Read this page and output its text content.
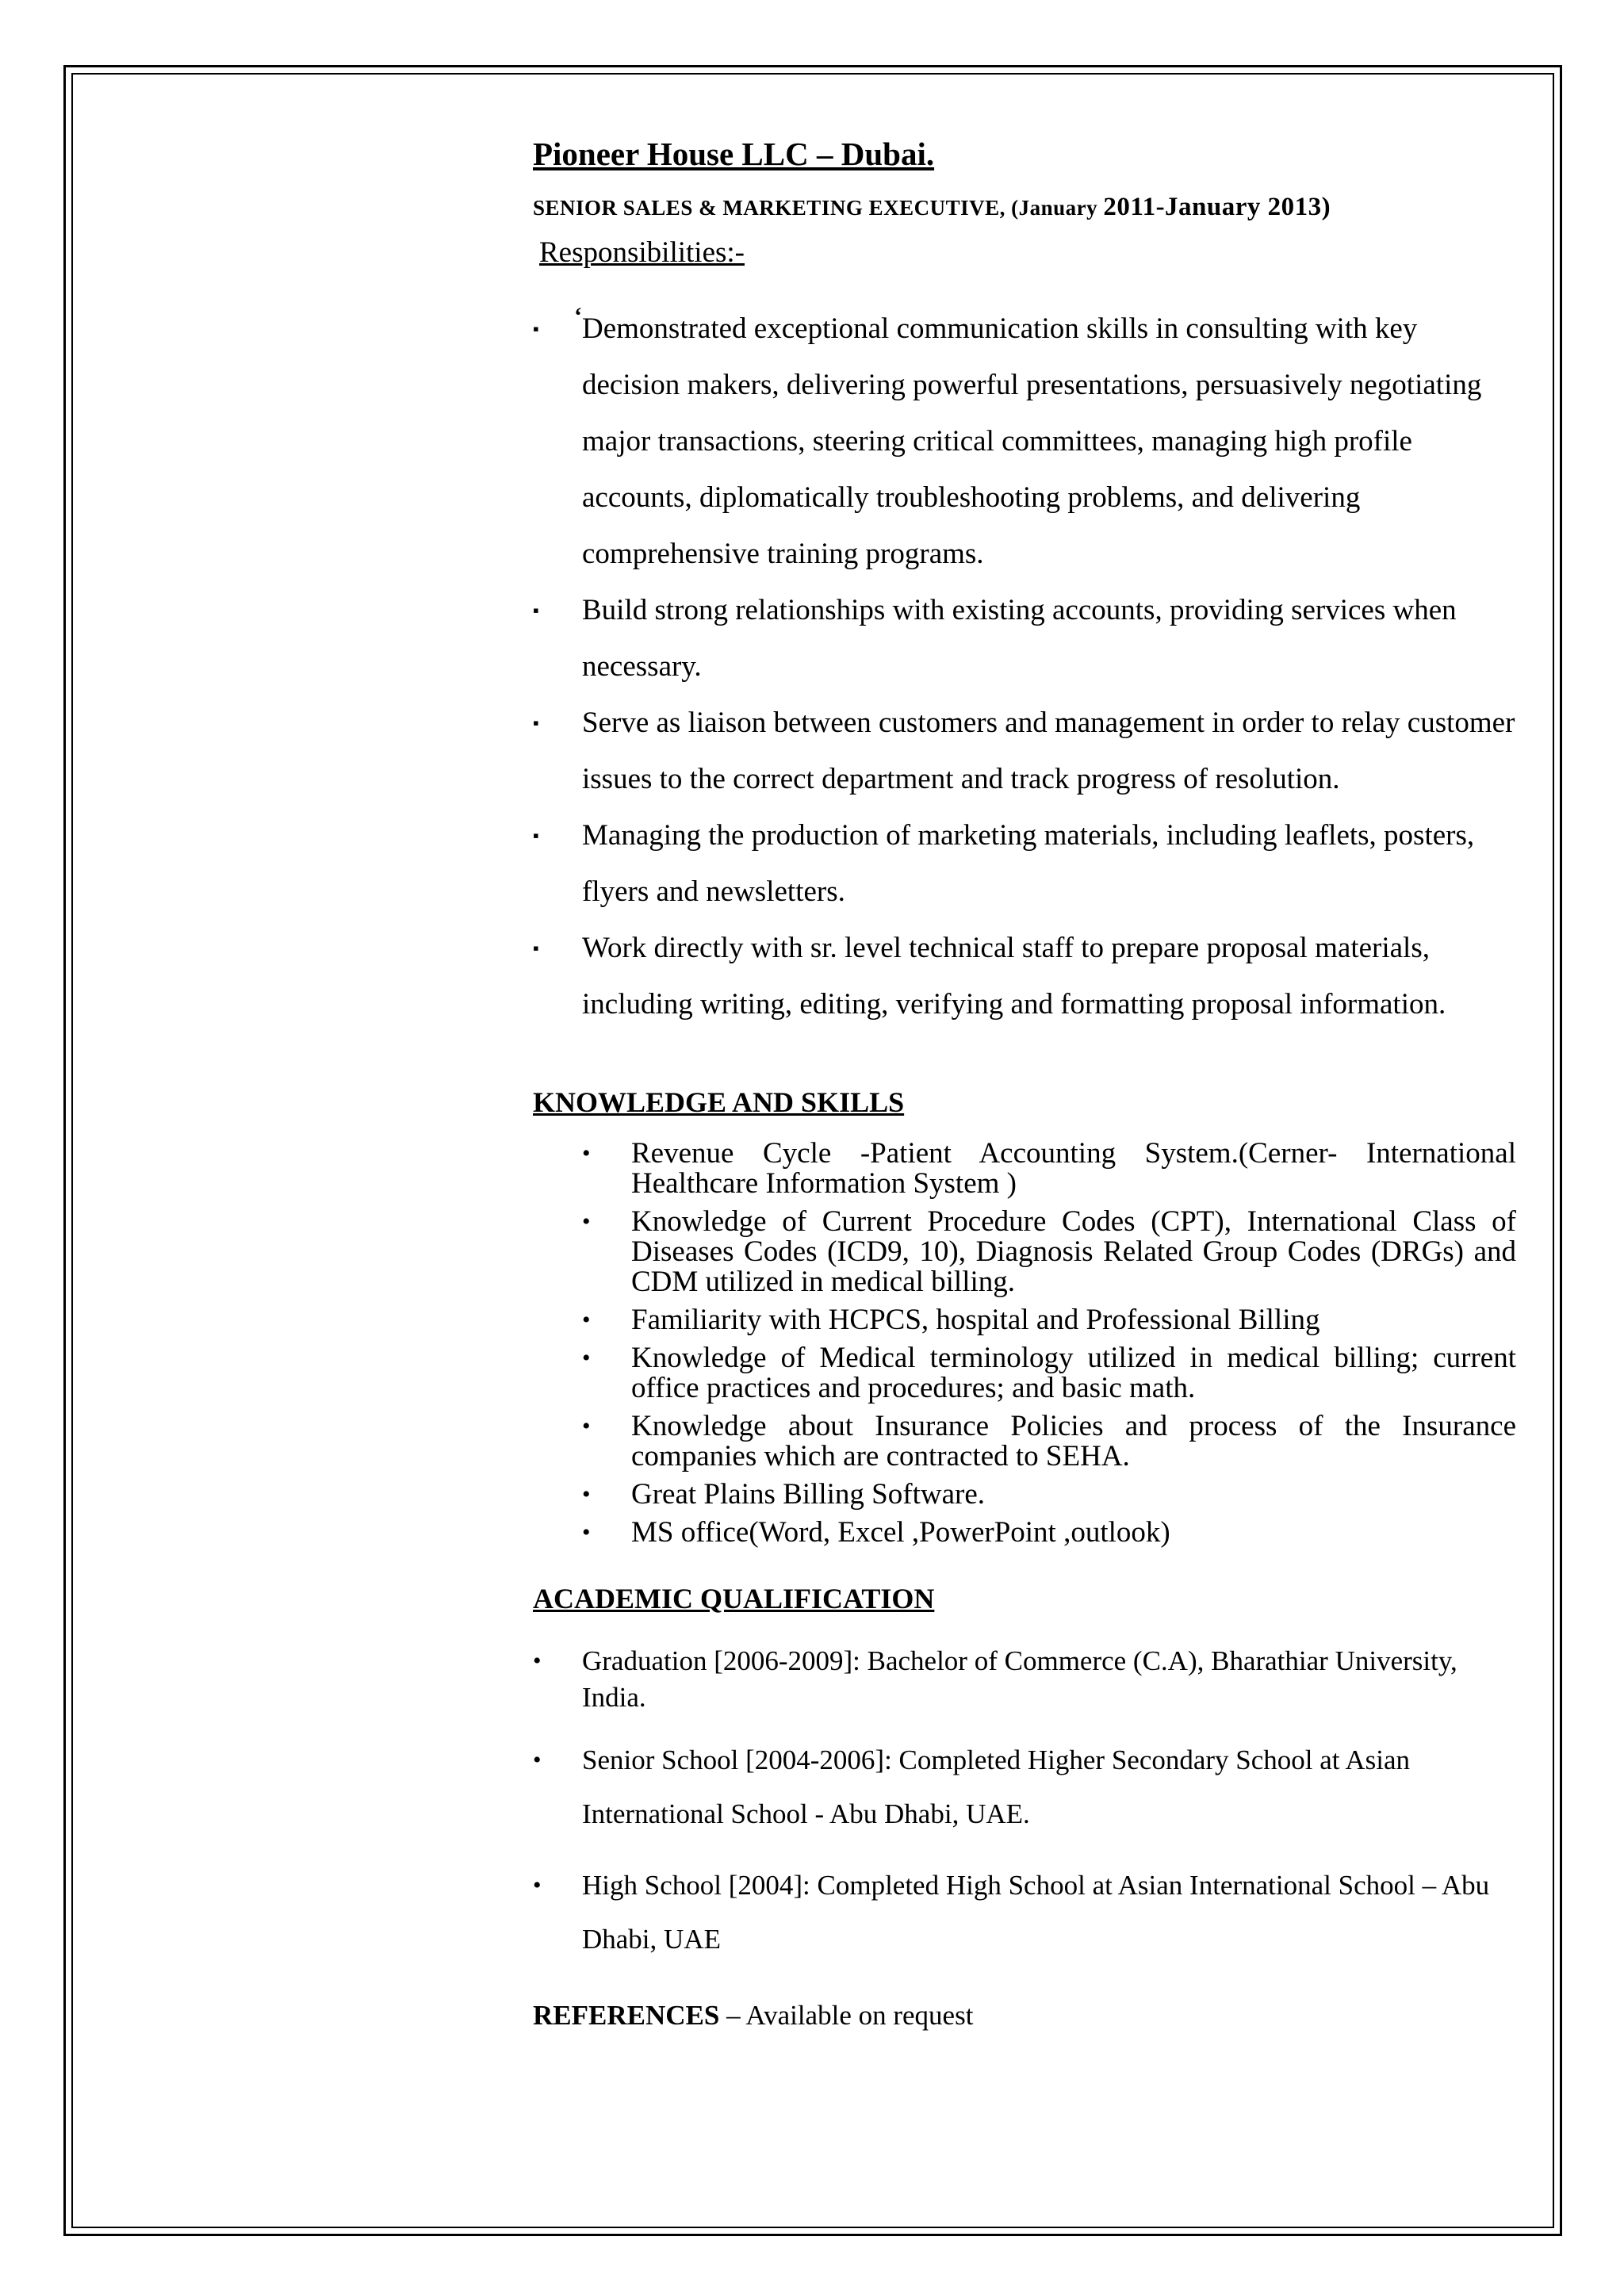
Pioneer House LLC – Dubai.
SENIOR SALES & MARKETING EXECUTIVE, (January 2011-January 2013)
Responsibilities:-
ʻ
▪ Demonstrated exceptional communication skills in consulting with key decision makers, delivering powerful presentations, persuasively negotiating major transactions, steering critical committees, managing high profile accounts, diplomatically troubleshooting problems, and delivering comprehensive training programs.
▪ Build strong relationships with existing accounts, providing services when necessary.
▪ Serve as liaison between customers and management in order to relay customer issues to the correct department and track progress of resolution.
▪ Managing the production of marketing materials, including leaflets, posters, flyers and newsletters.
▪ Work directly with sr. level technical staff to prepare proposal materials, including writing, editing, verifying and formatting proposal information.
KNOWLEDGE AND SKILLS
• Revenue Cycle -Patient Accounting System.(Cerner- International Healthcare Information System )
• Knowledge of Current Procedure Codes (CPT), International Class of Diseases Codes (ICD9, 10), Diagnosis Related Group Codes (DRGs) and CDM utilized in medical billing.
• Familiarity with HCPCS, hospital and Professional Billing
• Knowledge of Medical terminology utilized in medical billing; current office practices and procedures; and basic math.
• Knowledge about Insurance Policies and process of the Insurance companies which are contracted to SEHA.
• Great Plains Billing Software.
• MS office(Word, Excel ,PowerPoint ,outlook)
ACADEMIC QUALIFICATION
• Graduation [2006-2009]: Bachelor of Commerce (C.A), Bharathiar University, India.
• Senior School [2004-2006]: Completed Higher Secondary School at Asian International School - Abu Dhabi, UAE.
• High School [2004]: Completed High School at Asian International School – Abu Dhabi, UAE
REFERENCES – Available on request
